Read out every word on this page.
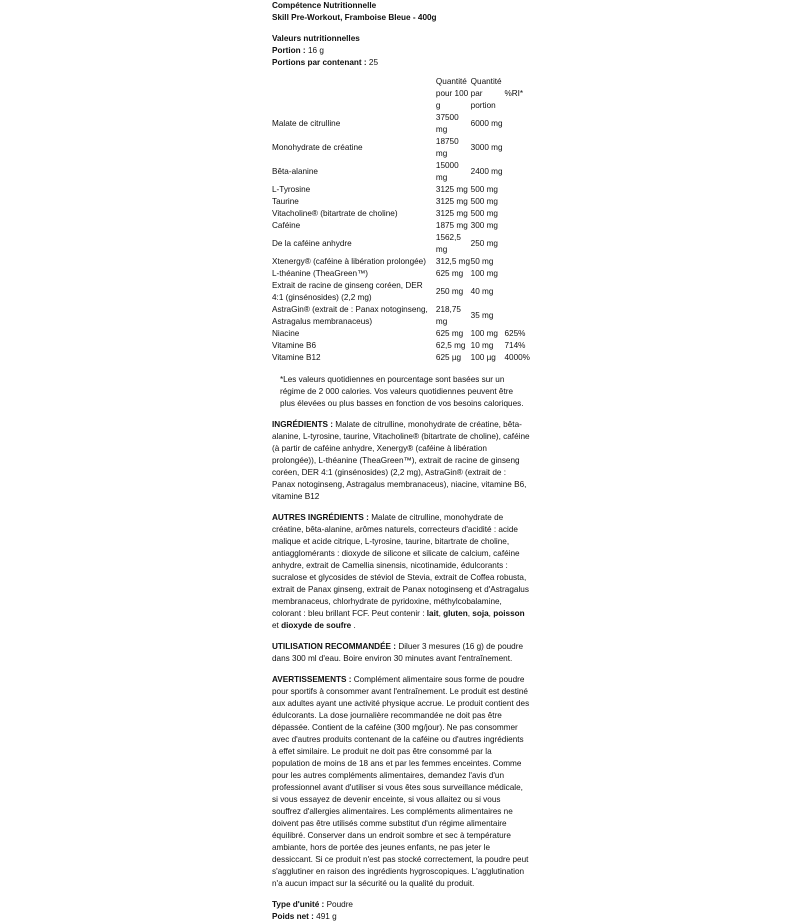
Compétence Nutritionnelle
Skill Pre-Workout, Framboise Bleue - 400g
Valeurs nutritionnelles
Portion : 16 g
Portions par contenant : 25
	Quantité pour 100 g	Quantité par portion	%RI*
Malate de citrulline	37500 mg	6000 mg	
Monohydrate de créatine	18750 mg	3000 mg	
Bêta-alanine	15000 mg	2400 mg	
L-Tyrosine	3125 mg	500 mg	
Taurine	3125 mg	500 mg	
Vitacholine® (bitartrate de choline)	3125 mg	500 mg	
Caféine	1875 mg	300 mg	
De la caféine anhydre	1562,5 mg	250 mg	
Xtenergy® (caféine à libération prolongée)	312,5 mg	50 mg	
L-théanine (TheaGreen™)	625 mg	100 mg	
Extrait de racine de ginseng coréen, DER 4:1 (ginsénosides) (2,2 mg)	250 mg	40 mg	
AstraGin® (extrait de : Panax notoginseng, Astragalus membranaceus)	218,75 mg	35 mg	
Niacine	625 mg	100 mg	625%
Vitamine B6	62,5 mg	10 mg	714%
Vitamine B12	625 µg	100 µg	4000%
*Les valeurs quotidiennes en pourcentage sont basées sur un régime de 2 000 calories. Vos valeurs quotidiennes peuvent être plus élevées ou plus basses en fonction de vos besoins caloriques.

INGRÉDIENTS : Malate de citrulline, monohydrate de créatine, bêta-alanine, L-tyrosine, taurine, Vitacholine® (bitartrate de choline), caféine (à partir de caféine anhydre, Xenergy® (caféine à libération prolongée)), L-théanine (TheaGreen™), extrait de racine de ginseng coréen, DER 4:1 (ginsénosides) (2,2 mg), AstraGin® (extrait de : Panax notoginseng, Astragalus membranaceus), niacine, vitamine B6, vitamine B12

AUTRES INGRÉDIENTS : Malate de citrulline, monohydrate de créatine, bêta-alanine, arômes naturels, correcteurs d'acidité : acide malique et acide citrique, L-tyrosine, taurine, bitartrate de choline, antiagglomérants : dioxyde de silicone et silicate de calcium, caféine anhydre, extrait de Camellia sinensis, nicotinamide, édulcorants : sucralose et glycosides de stéviol de Stevia, extrait de Coffea robusta, extrait de Panax ginseng, extrait de Panax notoginseng et d'Astragalus membranaceus, chlorhydrate de pyridoxine, méthylcobalamine, colorant : bleu brillant FCF. Peut contenir : lait, gluten, soja, poisson et dioxyde de soufre .

UTILISATION RECOMMANDÉE : Diluer 3 mesures (16 g) de poudre dans 300 ml d'eau. Boire environ 30 minutes avant l'entraînement.

AVERTISSEMENTS : Complément alimentaire sous forme de poudre pour sportifs à consommer avant l'entraînement. Le produit est destiné aux adultes ayant une activité physique accrue. Le produit contient des édulcorants. La dose journalière recommandée ne doit pas être dépassée. Contient de la caféine (300 mg/jour). Ne pas consommer avec d'autres produits contenant de la caféine ou d'autres ingrédients à effet similaire. Le produit ne doit pas être consommé par la population de moins de 18 ans et par les femmes enceintes. Comme pour les autres compléments alimentaires, demandez l'avis d'un professionnel avant d'utiliser si vous êtes sous surveillance médicale, si vous essayez de devenir enceinte, si vous allaitez ou si vous souffrez d'allergies alimentaires. Les compléments alimentaires ne doivent pas être utilisés comme substitut d'un régime alimentaire équilibré. Conserver dans un endroit sombre et sec à température ambiante, hors de portée des jeunes enfants, ne pas jeter le dessiccant. Si ce produit n'est pas stocké correctement, la poudre peut s'agglutiner en raison des ingrédients hygroscopiques. L'agglutination n'a aucun impact sur la sécurité ou la qualité du produit.

Type d'unité : Poudre
Poids net : 491 g
